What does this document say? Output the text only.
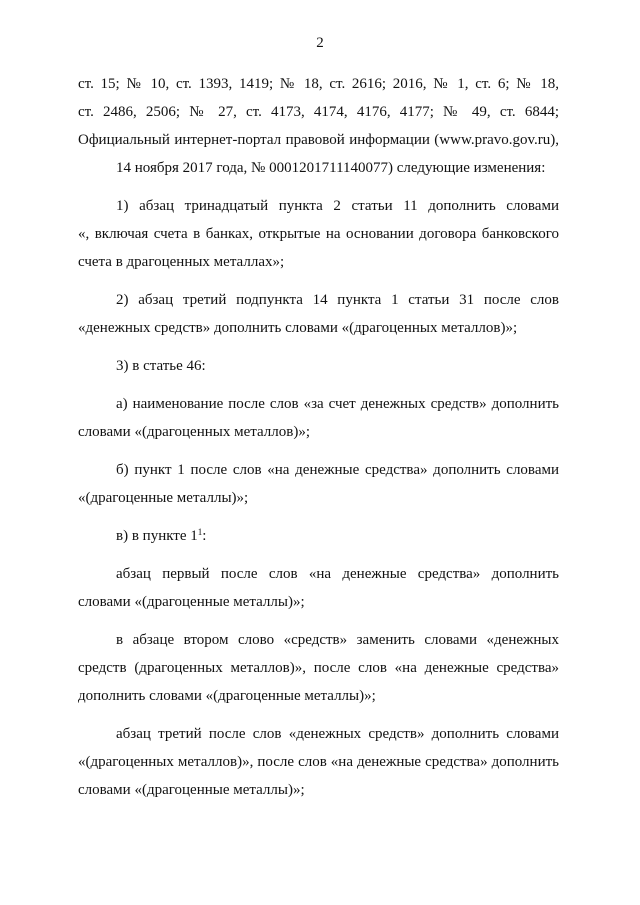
2
ст. 15; № 10, ст. 1393, 1419; № 18, ст. 2616; 2016, № 1, ст. 6; № 18,
ст. 2486, 2506; № 27, ст. 4173, 4174, 4176, 4177; № 49, ст. 6844;
Официальный интернет-портал правовой информации (www.pravo.gov.ru),
14 ноября 2017 года, № 0001201711140077) следующие изменения:
1) абзац тринадцатый пункта 2 статьи 11 дополнить словами
«, включая счета в банках, открытые на основании договора банковского
счета в драгоценных металлах»;
2) абзац третий подпункта 14 пункта 1 статьи 31 после слов
«денежных средств» дополнить словами «(драгоценных металлов)»;
3) в статье 46:
а) наименование после слов «за счет денежных средств» дополнить
словами «(драгоценных металлов)»;
б) пункт 1 после слов «на денежные средства» дополнить словами
«(драгоценные металлы)»;
в) в пункте $1^1$:
абзац первый после слов «на денежные средства» дополнить
словами «(драгоценные металлы)»;
в абзаце втором слово «средств» заменить словами «денежных
средств (драгоценных металлов)», после слов «на денежные средства»
дополнить словами «(драгоценные металлы)»;
абзац третий после слов «денежных средств» дополнить словами
«(драгоценных металлов)», после слов «на денежные средства» дополнить
словами «(драгоценные металлы)»;
